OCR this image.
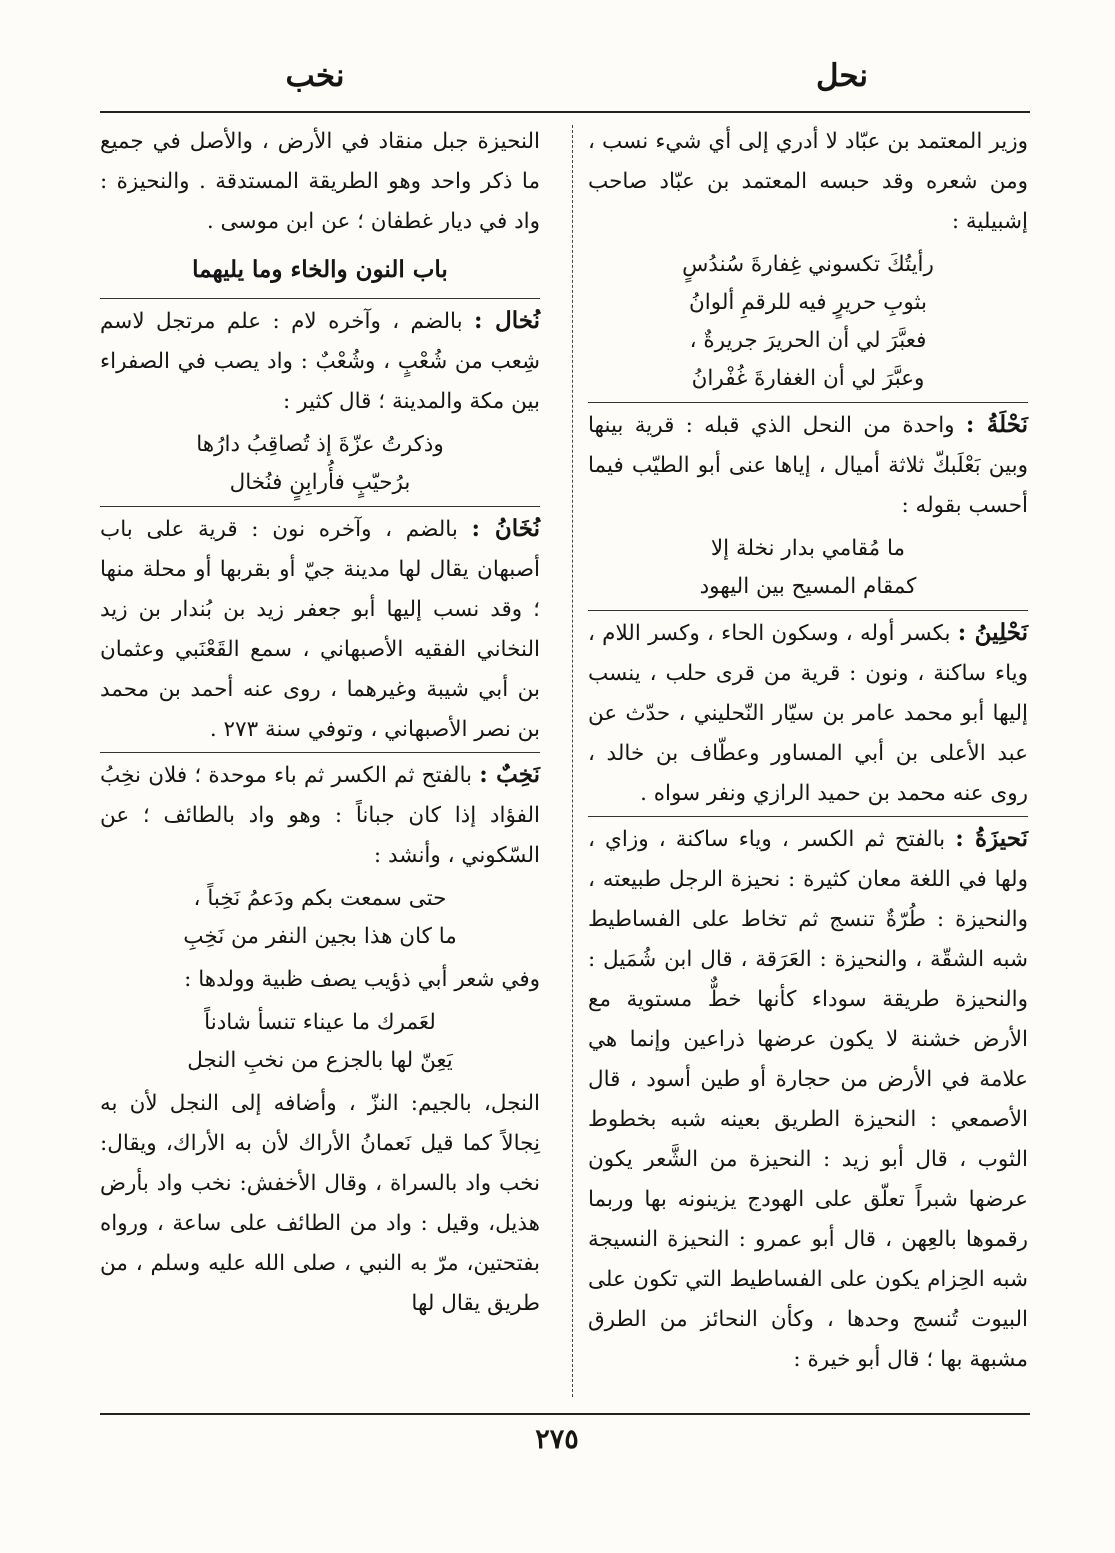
نحل
نخب

وزير المعتمد بن عبّاد لا أدري إلى أي شيء نسب ، ومن شعره وقد حبسه المعتمد بن عبّاد صاحب إشبيلية :

رأيتُكَ تكسوني غِفارةَ سُندُسٍ
بثوبِ حريرٍ فيه للرقمِ ألوانُ
فعبَّرَ لي أن الحريرَ جريرةٌ ،
وعبَّرَ لي أن الغفارةَ غُفْرانُ

نَحْلَةُ : واحدة من النحل الذي قبله : قرية بينها وبين بَعْلَبكّ ثلاثة أميال ، إياها عنى أبو الطيّب فيما أحسب بقوله :

ما مُقامي بدار نخلة إلا
كمقام المسيح بين اليهود

نَحْلِينُ : بكسر أوله ، وسكون الحاء ، وكسر اللام ، وياء ساكنة ، ونون : قرية من قرى حلب ، ينسب إليها أبو محمد عامر بن سيّار النّحليني ، حدّث عن عبد الأعلى بن أبي المساور وعطّاف بن خالد ، روى عنه محمد بن حميد الرازي ونفر سواه .

نَحيزَةُ : بالفتح ثم الكسر ، وياء ساكنة ، وزاي ، ولها في اللغة معان كثيرة : نحيزة الرجل طبيعته ، والنحيزة : طُرّةٌ تنسج ثم تخاط على الفساطيط شبه الشقّة ، والنحيزة : العَرَقة ، قال ابن شُمَيل : والنحيزة طريقة سوداء كأنها خطٌّ مستوية مع الأرض خشنة لا يكون عرضها ذراعين وإنما هي علامة في الأرض من حجارة أو طين أسود ، قال الأصمعي : النحيزة الطريق بعينه شبه بخطوط الثوب ، قال أبو زيد : النحيزة من الشَّعر يكون عرضها شبراً تعلّق على الهودج يزينونه بها وربما رقموها بالعِهن ، قال أبو عمرو : النحيزة النسيجة شبه الحِزام يكون على الفساطيط التي تكون على البيوت تُنسج وحدها ، وكأن النحائز من الطرق مشبهة بها ؛ قال أبو خيرة :

النحيزة جبل منقاد في الأرض ، والأصل في جميع ما ذكر واحد وهو الطريقة المستدقة . والنحيزة : واد في ديار غطفان ؛ عن ابن موسى .

باب النون والخاء وما يليهما

نُخال : بالضم ، وآخره لام : علم مرتجل لاسم شِعب من شُعْبٍ ، وشُعْبٌ : واد يصب في الصفراء بين مكة والمدينة ؛ قال كثير :

وذكرتُ عزّةَ إذ تُصاقِبُ دارُها
برُحيّبٍ فأُرابِنٍ فنُخال

نُخَانُ : بالضم ، وآخره نون : قرية على باب أصبهان يقال لها مدينة جيّ أو بقربها أو محلة منها ؛ وقد نسب إليها أبو جعفر زيد بن بُندار بن زيد النخاني الفقيه الأصبهاني ، سمع القَعْنَبي وعثمان بن أبي شيبة وغيرهما ، روى عنه أحمد بن محمد بن نصر الأصبهاني ، وتوفي سنة ٢٧٣ .

نَخِبٌ : بالفتح ثم الكسر ثم باء موحدة ؛ فلان نخِبُ الفؤاد إذا كان جباناً : وهو واد بالطائف ؛ عن السّكوني ، وأنشد :

حتى سمعت بكم ودَعمُ نَخِباً ،
ما كان هذا بجين النفر من نَخِبِ

وفي شعر أبي ذؤيب يصف ظبية وولدها :

لعَمرك ما عيناء تنسأ شادناً
يَعِنّ لها بالجزع من نخبِ النجل

النجل، بالجيم: النزّ ، وأضافه إلى النجل لأن به نِجالاً كما قيل نَعمانُ الأراك لأن به الأراك، ويقال: نخب واد بالسراة ، وقال الأخفش: نخب واد بأرض هذيل، وقيل : واد من الطائف على ساعة ، ورواه بفتحتين، مرّ به النبي ، صلى الله عليه وسلم ، من طريق يقال لها

٢٧٥
